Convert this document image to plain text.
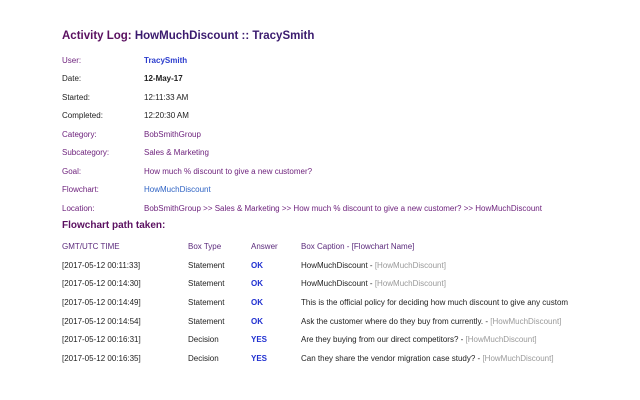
Activity Log: HowMuchDiscount :: TracySmith
User:	TracySmith
Date:	12-May-17
Started:	12:11:33 AM
Completed:	12:20:30 AM
Category:	BobSmithGroup
Subcategory:	Sales & Marketing
Goal:	How much % discount to give a new customer?
Flowchart:	HowMuchDiscount
Location:	BobSmithGroup >> Sales & Marketing >> How much % discount to give a new customer? >> HowMuchDiscount
Flowchart path taken:
GMT/UTC TIME	Box Type	Answer	Box Caption - [Flowchart Name]
[2017-05-12 00:11:33]	Statement	OK	HowMuchDiscount - [HowMuchDiscount]
[2017-05-12 00:14:30]	Statement	OK	HowMuchDiscount - [HowMuchDiscount]
[2017-05-12 00:14:49]	Statement	OK	This is the official policy for deciding how much discount to give any custom
[2017-05-12 00:14:54]	Statement	OK	Ask the customer where do they buy from currently. - [HowMuchDiscount]
[2017-05-12 00:16:31]	Decision	YES	Are they buying from our direct competitors? - [HowMuchDiscount]
[2017-05-12 00:16:35]	Decision	YES	Can they share the vendor migration case study? - [HowMuchDiscount]
